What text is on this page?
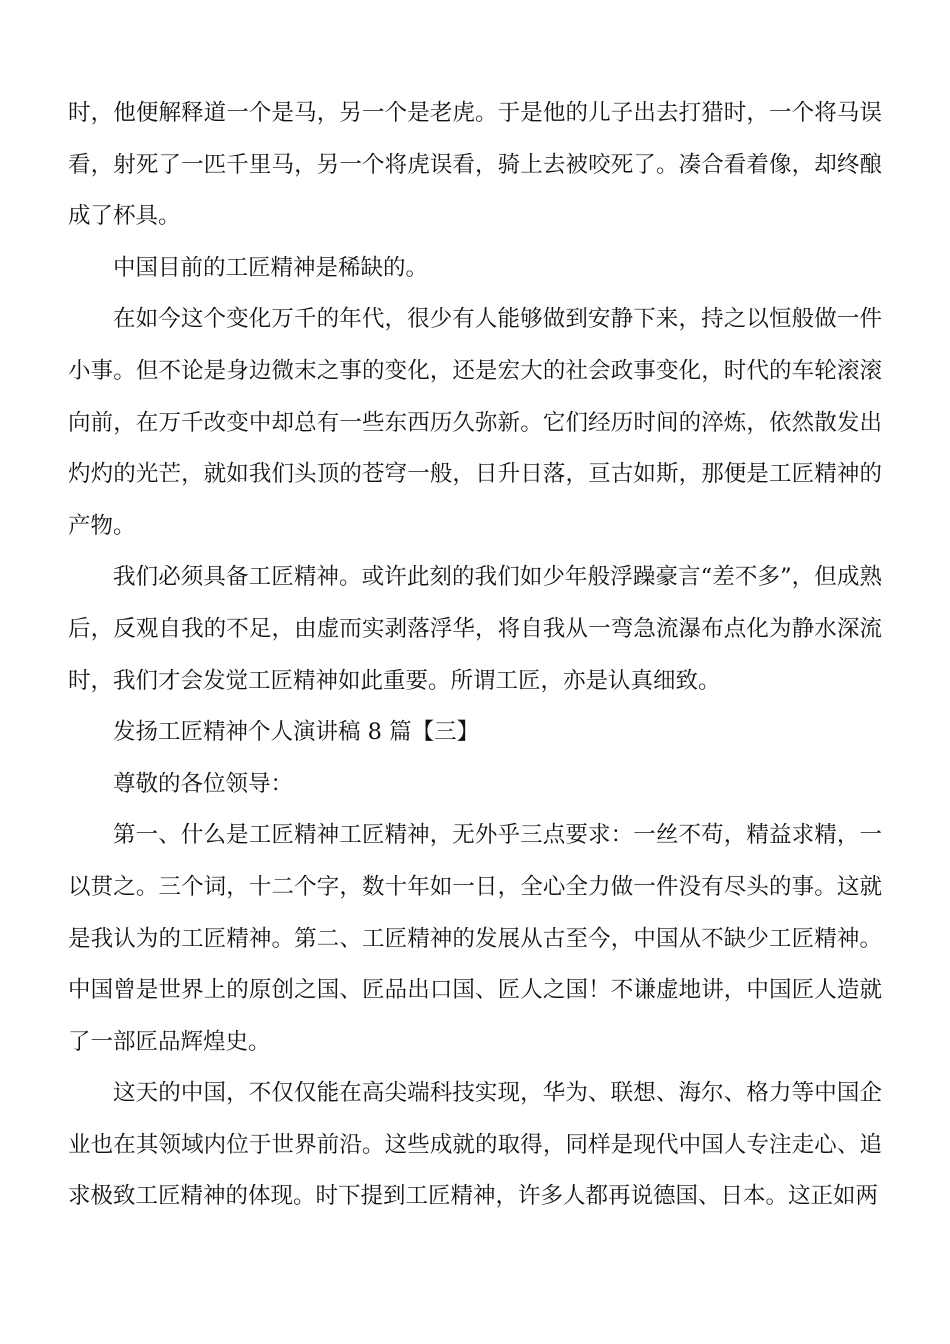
时，他便解释道一个是马，另一个是老虎。于是他的儿子出去打猎时，一个将马误看，射死了一匹千里马，另一个将虎误看，骑上去被咬死了。凑合看着像，却终酿成了杯具。

中国目前的工匠精神是稀缺的。

在如今这个变化万千的年代，很少有人能够做到安静下来，持之以恒般做一件小事。但不论是身边微末之事的变化，还是宏大的社会政事变化，时代的车轮滚滚向前，在万千改变中却总有一些东西历久弥新。它们经历时间的淬炼，依然散发出灼灼的光芒，就如我们头顶的苍穹一般，日升日落，亘古如斯，那便是工匠精神的产物。

我们必须具备工匠精神。或许此刻的我们如少年般浮躁豪言“差不多”，但成熟后，反观自我的不足，由虚而实剥落浮华，将自我从一弯急流瀑布点化为静水深流时，我们才会发觉工匠精神如此重要。所谓工匠，亦是认真细致。

发扬工匠精神个人演讲稿 8 篇【三】

尊敬的各位领导：

第一、什么是工匠精神工匠精神，无外乎三点要求：一丝不苟，精益求精，一以贯之。三个词，十二个字，数十年如一日，全心全力做一件没有尽头的事。这就是我认为的工匠精神。第二、工匠精神的发展从古至今，中国从不缺少工匠精神。中国曾是世界上的原创之国、匠品出口国、匠人之国！不谦虚地讲，中国匠人造就了一部匠品辉煌史。

这天的中国，不仅仅能在高尖端科技实现，华为、联想、海尔、格力等中国企业也在其领域内位于世界前沿。这些成就的取得，同样是现代中国人专注走心、追求极致工匠精神的体现。时下提到工匠精神，许多人都再说德国、日本。这正如两
